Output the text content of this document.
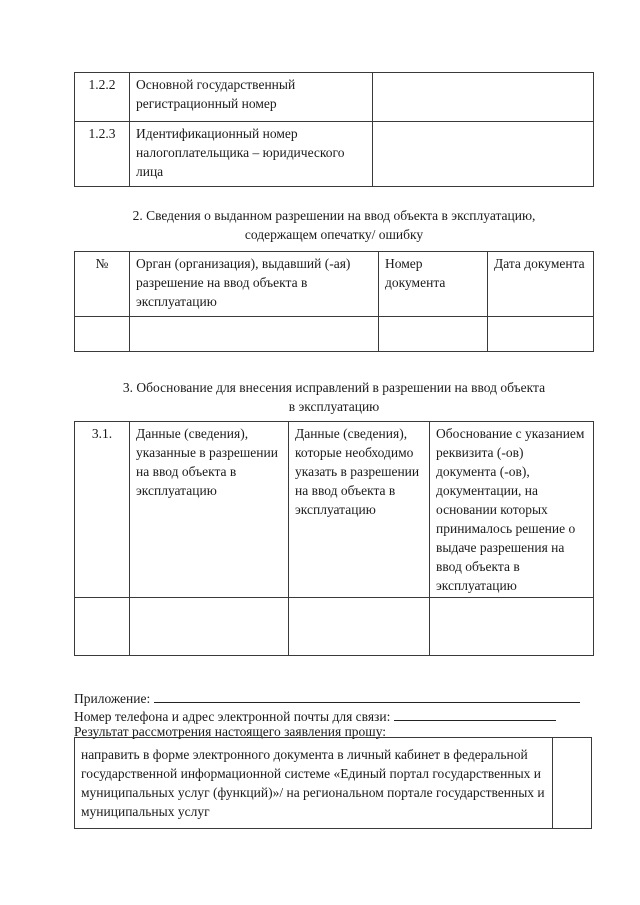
1.2.2	Основной государственный регистрационный номер	
1.2.3	Идентификационный номер налогоплательщика – юридического лица	
2. Сведения о выданном разрешении на ввод объекта в эксплуатацию,
содержащем опечатку/ ошибку
№	Орган (организация), выдавший (-ая) разрешение на ввод объекта в эксплуатацию	Номер документа	Дата документа

3. Обоснование для внесения исправлений в разрешении на ввод объекта
в эксплуатацию
3.1.	Данные (сведения), указанные в разрешении на ввод объекта в эксплуатацию	Данные (сведения), которые необходимо указать в разрешении на ввод объекта в эксплуатацию	Обоснование с указанием реквизита (-ов) документа (-ов), документации, на основании которых принималось решение о выдаче разрешения на ввод объекта в эксплуатацию

Приложение:
Номер телефона и адрес электронной почты для связи:
Результат рассмотрения настоящего заявления прошу:
направить в форме электронного документа в личный кабинет в федеральной государственной информационной системе «Единый портал государственных и муниципальных услуг (функций)»/ на региональном портале государственных и муниципальных услуг	
